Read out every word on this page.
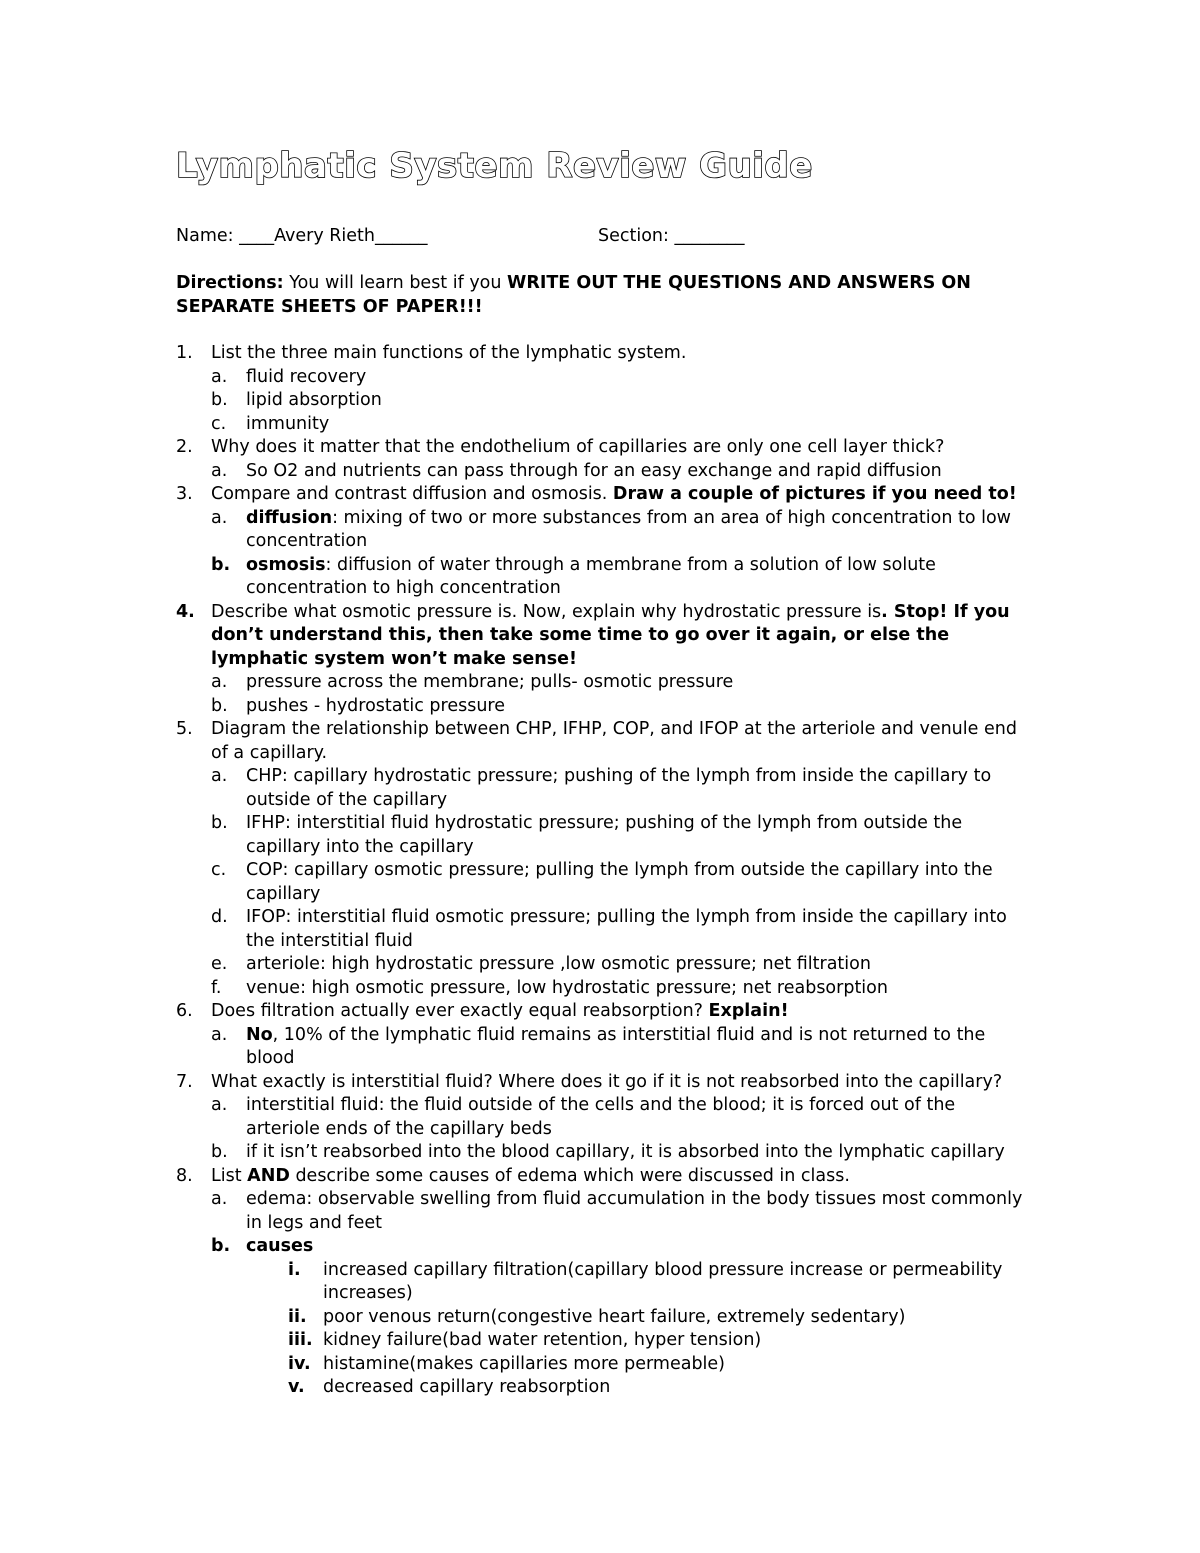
Lymphatic System Review Guide
Name: ____Avery Rieth______	Section: ________
Directions: You will learn best if you WRITE OUT THE QUESTIONS AND ANSWERS ON SEPARATE SHEETS OF PAPER!!!
1. List the three main functions of the lymphatic system.
a. fluid recovery
b. lipid absorption
c. immunity
2. Why does it matter that the endothelium of capillaries are only one cell layer thick?
a. So O2 and nutrients can pass through for an easy exchange and rapid diffusion
3. Compare and contrast diffusion and osmosis. Draw a couple of pictures if you need to!
a. diffusion: mixing of two or more substances from an area of high concentration to low concentration
b. osmosis: diffusion of water through a membrane from a solution of low solute concentration to high concentration
4. Describe what osmotic pressure is. Now, explain why hydrostatic pressure is. Stop! If you don’t understand this, then take some time to go over it again, or else the lymphatic system won’t make sense!
a. pressure across the membrane; pulls- osmotic pressure
b. pushes - hydrostatic pressure
5. Diagram the relationship between CHP, IFHP, COP, and IFOP at the arteriole and venule end of a capillary.
a. CHP: capillary hydrostatic pressure; pushing of the lymph from inside the capillary to outside of the capillary
b. IFHP: interstitial fluid hydrostatic pressure; pushing of the lymph from outside the capillary into the capillary
c. COP: capillary osmotic pressure; pulling the lymph from outside the capillary into the capillary
d. IFOP: interstitial fluid osmotic pressure; pulling the lymph from inside the capillary into the interstitial fluid
e. arteriole: high hydrostatic pressure ,low osmotic pressure; net filtration
f. venue: high osmotic pressure, low hydrostatic pressure; net reabsorption
6. Does filtration actually ever exactly equal reabsorption? Explain!
a. No, 10% of the lymphatic fluid remains as interstitial fluid and is not returned to the blood
7. What exactly is interstitial fluid? Where does it go if it is not reabsorbed into the capillary?
a. interstitial fluid: the fluid outside of the cells and the blood; it is forced out of the arteriole ends of the capillary beds
b. if it isn’t reabsorbed into the blood capillary, it is absorbed into the lymphatic capillary
8. List AND describe some causes of edema which were discussed in class.
a. edema: observable swelling from fluid accumulation in the body tissues most commonly in legs and feet
b. causes
i. increased capillary filtration(capillary blood pressure increase or permeability increases)
ii. poor venous return(congestive heart failure, extremely sedentary)
iii. kidney failure(bad water retention, hyper tension)
iv. histamine(makes capillaries more permeable)
v. decreased capillary reabsorption
